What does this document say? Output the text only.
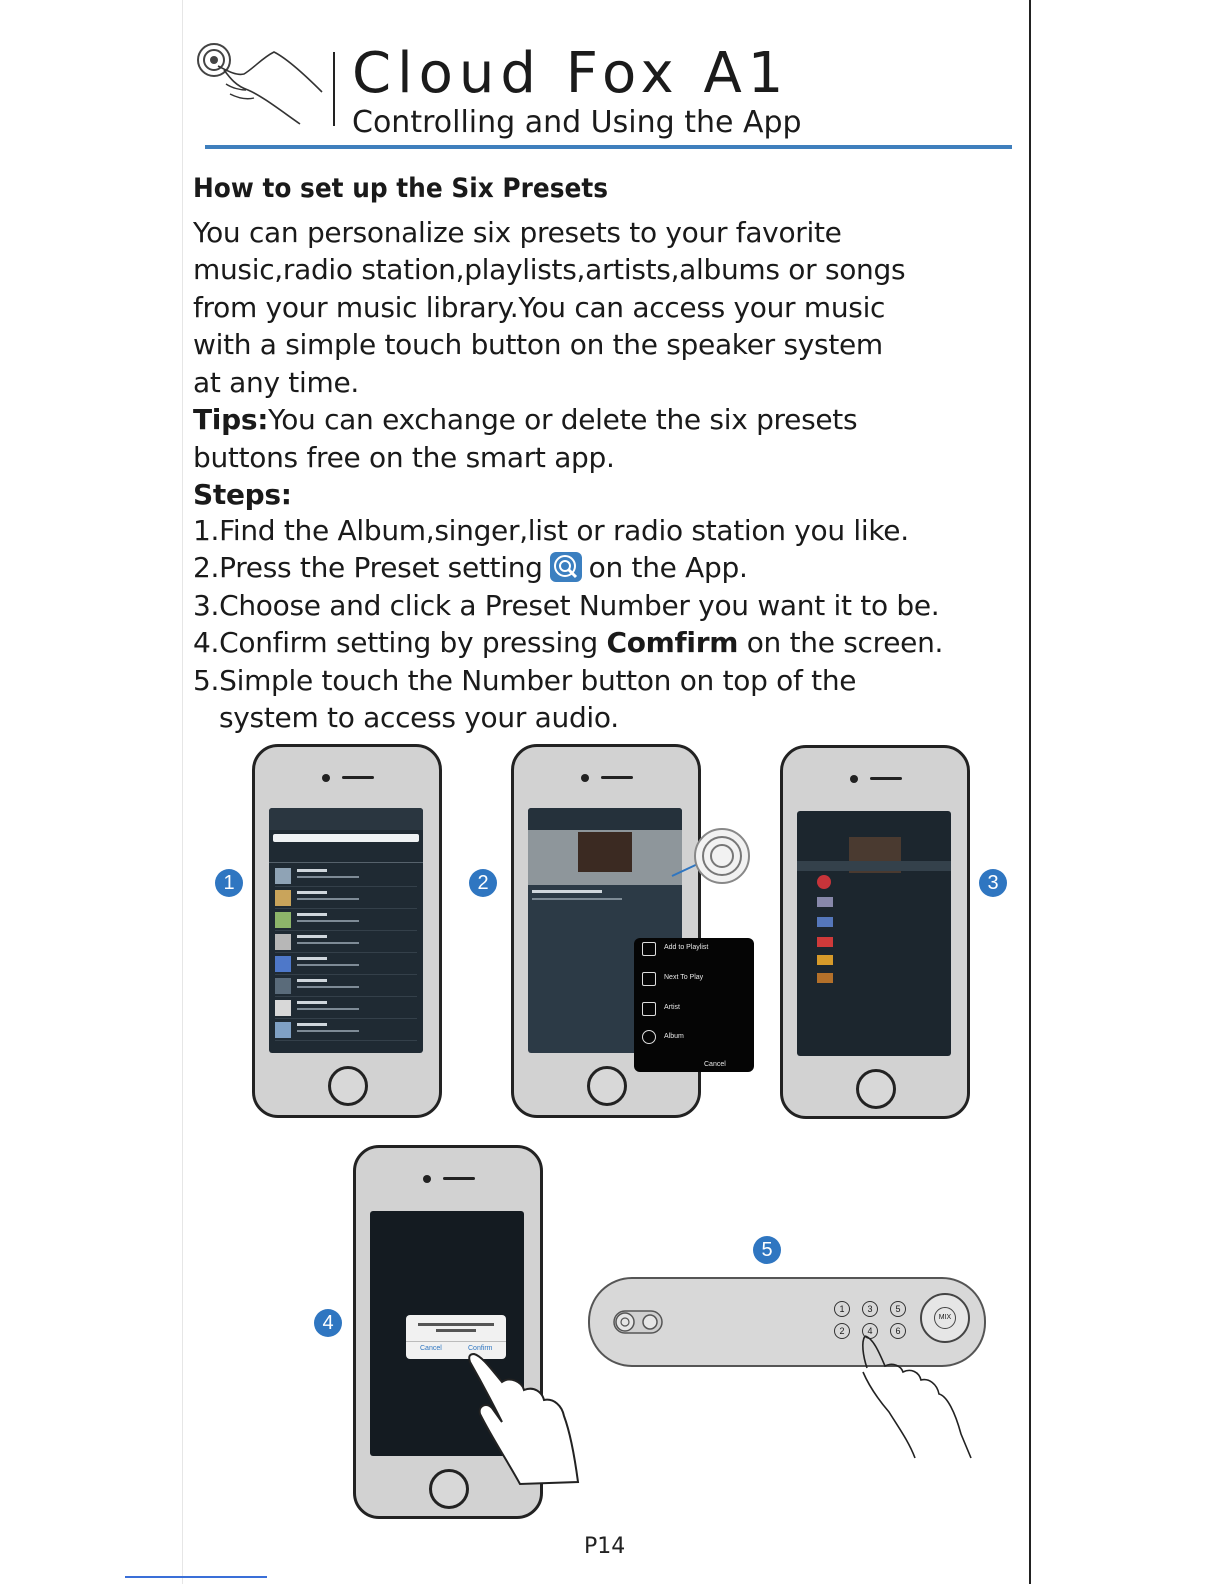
Cloud Fox A1
Controlling and Using the App
How to set up the Six Presets
You can personalize six presets to your favorite
music,radio station,playlists,artists,albums or songs
from your music library.You can access your music
with a simple touch button on the speaker system
at any time.
Tips:You can exchange or delete the six presets
buttons free on the smart app.
Steps:
1.Find the Album,singer,list or radio station you like.
2.Press the Preset setting on the App.
3.Choose and click a Preset Number you want it to be.
4.Confirm setting by pressing Comfirm on the screen.
5.Simple touch the Number button on top of the
system to access your audio.
1
Add to Playlist
Next To Play
Artist
Album
Cancel
2	3
Cancel	Confirm
4
5
1	3	5
2	4	6
MIX
P14
